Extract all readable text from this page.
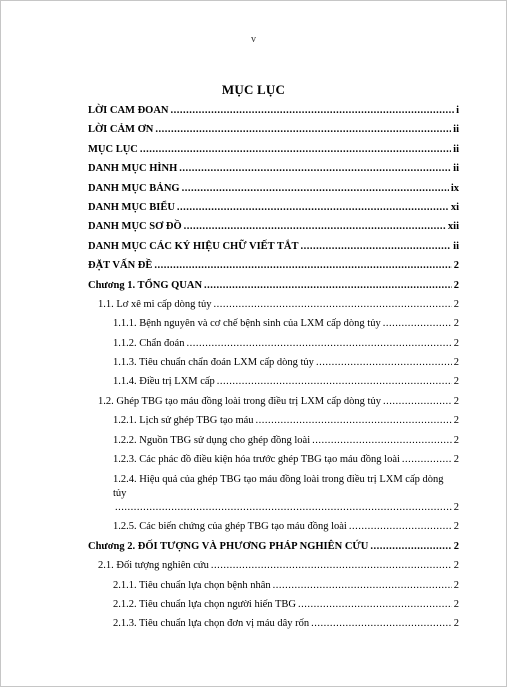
v
MỤC LỤC
LỜI CAM ĐOAN .....	i
LỜI CẢM ƠN .....	ii
MỤC LỤC .....	ii
DANH MỤC HÌNH .....	ii
DANH MỤC BẢNG .....	ix
DANH MỤC BIỂU .....	xi
DANH MỤC SƠ ĐỒ .....	xii
DANH MỤC CÁC KÝ HIỆU CHỮ VIẾT TẮT .....	ii
ĐẶT VẤN ĐỀ .....	2
Chương 1. TỔNG QUAN .....	2
1.1. Lơ xê mi cấp dòng tủy .....	2
1.1.1. Bệnh nguyên và cơ chế bệnh sinh của LXM cấp dòng tủy .....	2
1.1.2. Chẩn đoán .....	2
1.1.3. Tiêu chuẩn chẩn đoán LXM cấp dòng tủy .....	2
1.1.4. Điều trị LXM cấp .....	2
1.2. Ghép TBG tạo máu đồng loài trong điều trị LXM cấp dòng tủy .....	2
1.2.1. Lịch sử ghép TBG tạo máu .....	2
1.2.2. Nguồn TBG sử dụng cho ghép đồng loài .....	2
1.2.3. Các phác đồ điều kiện hóa trước ghép TBG tạo máu đồng loài .....	2
1.2.4. Hiệu quả của ghép TBG tạo máu đồng loài trong điều trị LXM cấp dòng tủy
.....
2
1.2.5. Các biến chứng của ghép TBG tạo máu đồng loài .....	2
Chương 2. ĐỐI TƯỢNG VÀ PHƯƠNG PHÁP NGHIÊN CỨU .....	2
2.1. Đối tượng nghiên cứu .....	2
2.1.1. Tiêu chuẩn lựa chọn bệnh nhân .....	2
2.1.2. Tiêu chuẩn lựa chọn người hiến TBG .....	2
2.1.3. Tiêu chuẩn lựa chọn đơn vị máu dây rốn .....	2
